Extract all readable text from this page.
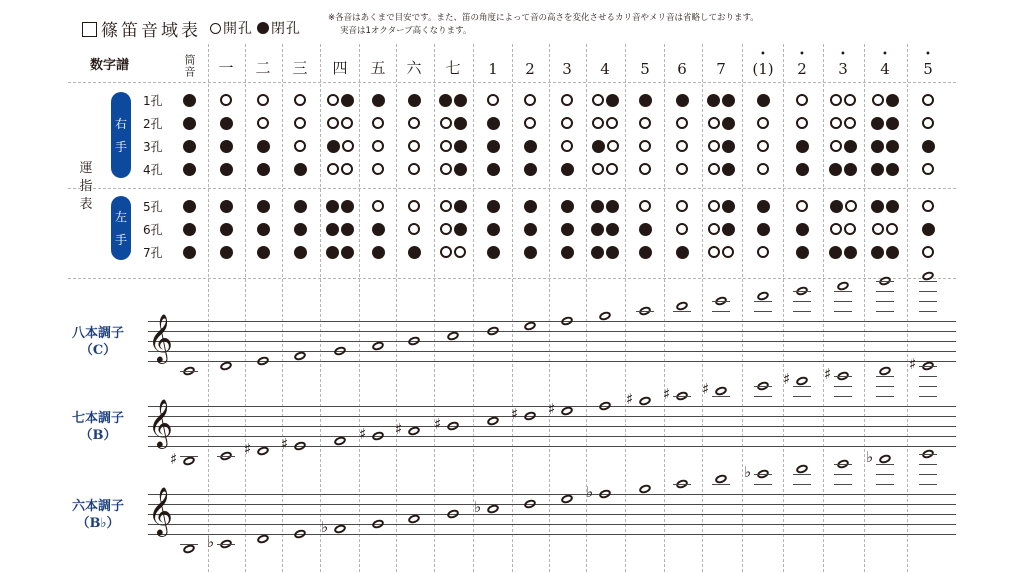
篠笛音域表	開孔 閉孔
※各音はあくまで目安です。また、笛の角度によって音の高さを変化させるカリ音やメリ音は省略しております。
実音は1オクターブ高くなります。
数字譜	筒音 一 二 三 四 五 六 七 1 2 3 4 5 6 7
•
(1)
•
2
•
3
•
4
•
5
1孔
2孔
3孔
4孔
5孔
6孔
7孔
運指表
右
手
左
手
𝄞
八本調子
（C）
𝄞
七本調子
（B）
♯
♯ ♯
♯ ♯ ♯
♯ ♯
♯ ♯ ♯
♯ ♯
♯
𝄞
六本調子
（B♭）
♭
♭
♭
♭
♭
♭
